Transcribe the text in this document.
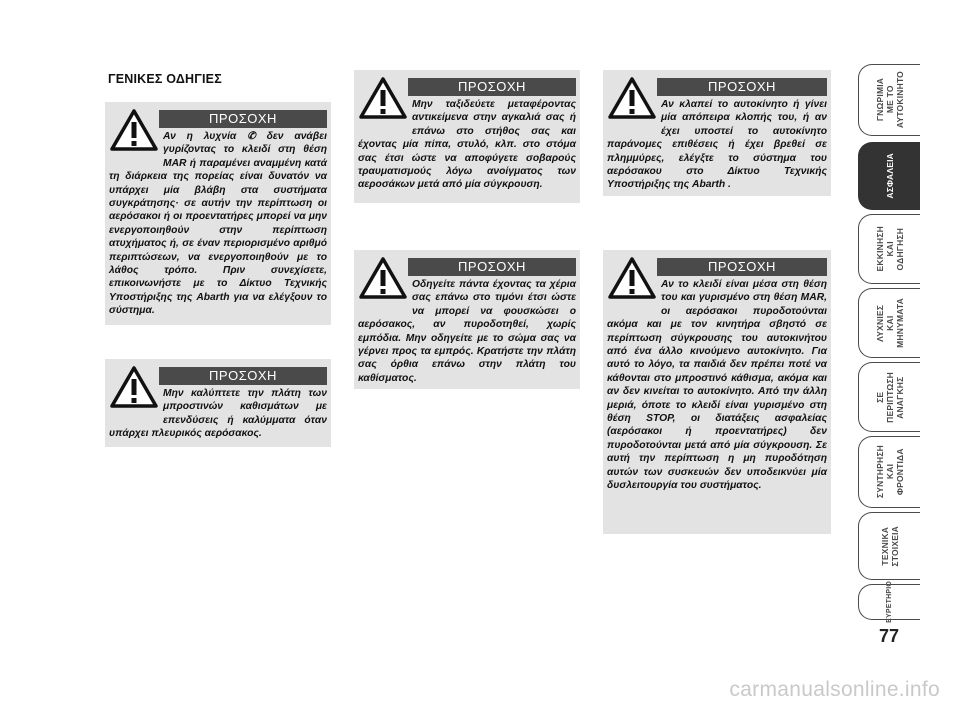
ΓΕΝΙΚΕΣ ΟΔΗΓΙΕΣ
ΠΡΟΣΟΧΗ
Αν η λυχνία ✆ δεν ανάβει γυρίζοντας το κλειδί στη θέση MAR ή παραμένει αναμμένη κατά τη διάρκεια της πορείας είναι δυνατόν να υπάρχει μία βλάβη στα συστήματα συγκράτησης· σε αυτήν την περίπτωση οι αερόσακοι ή οι προεντατήρες μπορεί να μην ενεργοποιηθούν στην περίπτωση ατυχήματος ή, σε έναν περιορισμένο αριθμό περιπτώσεων, να ενεργοποιηθούν με το λάθος τρόπο. Πριν συνεχίσετε, επικοινωνήστε με το Δίκτυο Τεχνικής Υποστήριξης της Abarth για να ελέγξουν το σύστημα.
ΠΡΟΣΟΧΗ
Μην καλύπτετε την πλάτη των μπροστινών καθισμάτων με επενδύσεις ή καλύμματα όταν υπάρχει πλευρικός αερόσακος.
ΠΡΟΣΟΧΗ
Μην ταξιδεύετε μεταφέροντας αντικείμενα στην αγκαλιά σας ή επάνω στο στήθος σας και έχοντας μία πίπα, στυλό, κλπ. στο στόμα σας έτσι ώστε να αποφύγετε σοβαρούς τραυματισμούς λόγω ανοίγματος των αεροσάκων μετά από μία σύγκρουση.
ΠΡΟΣΟΧΗ
Οδηγείτε πάντα έχοντας τα χέρια σας επάνω στο τιμόνι έτσι ώστε να μπορεί να φουσκώσει ο αερόσακος, αν πυροδοτηθεί, χωρίς εμπόδια. Μην οδηγείτε με το σώμα σας να γέρνει προς τα εμπρός. Κρατήστε την πλάτη σας όρθια επάνω στην πλάτη του καθίσματος.
ΠΡΟΣΟΧΗ
Αν κλαπεί το αυτοκίνητο ή γίνει μία απόπειρα κλοπής του, ή αν έχει υποστεί το αυτοκίνητο παράνομες επιθέσεις ή έχει βρεθεί σε πλημμύρες, ελέγξτε το σύστημα του αερόσακου στο Δίκτυο Τεχνικής Υποστήριξης της Abarth .
ΠΡΟΣΟΧΗ
Αν το κλειδί είναι μέσα στη θέση του και γυρισμένο στη θέση MAR, οι αερόσακοι πυροδοτούνται ακόμα και με τον κινητήρα σβηστό σε περίπτωση σύγκρουσης του αυτοκινήτου από ένα άλλο κινούμενο αυτοκίνητο. Για αυτό το λόγο, τα παιδιά δεν πρέπει ποτέ να κάθονται στο μπροστινό κάθισμα, ακόμα και αν δεν κινείται το αυτοκίνητο. Από την άλλη μεριά, όποτε το κλειδί είναι γυρισμένο στη θέση STOP, οι διατάξεις ασφαλείας (αερόσακοι ή προεντατήρες) δεν πυροδοτούνται μετά από μία σύγκρουση. Σε αυτή την περίπτωση η μη πυροδότηση αυτών των συσκευών δεν υποδεικνύει μία δυσλειτουργία του συστήματος.
ΓΝΩΡΙΜΙΑ
ΜΕ ΤΟ
ΑΥΤΟΚΙΝΗΤΟ
ΑΣΦΑΛΕΙΑ
ΕΚΚΙΝΗΣΗ
ΚΑΙ
ΟΔΗΓΗΣΗ
ΛΥΧΝΙΕΣ
ΚΑΙ
ΜΗΝΥΜΑΤΑ
ΣΕ
ΠΕΡΙΠΤΩΣΗ
ΑΝΑΓΚΗΣ
ΣΥΝΤΗΡΗΣΗ
ΚΑΙ
ΦΡΟΝΤΙΔΑ
ΤΕΧΝΙΚΑ
ΣΤΟΙΧΕΙΑ
ΕΥΡΕΤΗΡΙΟ
77
carmanualsonline.info
